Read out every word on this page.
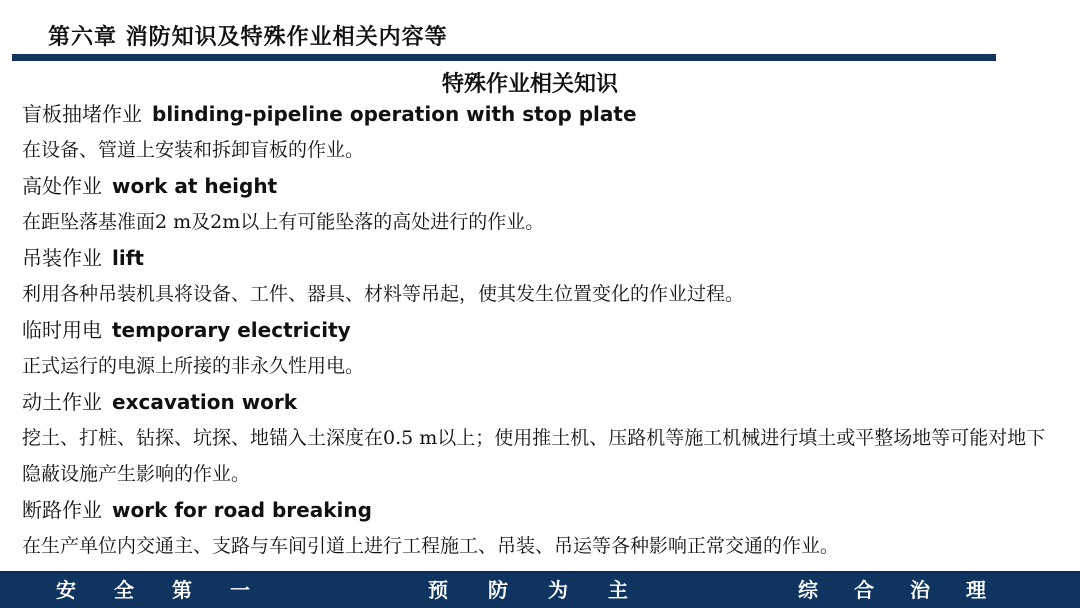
第六章 消防知识及特殊作业相关内容等
特殊作业相关知识
盲板抽堵作业 blinding-pipeline operation with stop plate
在设备、管道上安装和拆卸盲板的作业。
高处作业 work at height
在距坠落基准面2 m及2m以上有可能坠落的高处进行的作业。
吊装作业 lift
利用各种吊装机具将设备、工件、器具、材料等吊起，使其发生位置变化的作业过程。
临时用电 temporary electricity
正式运行的电源上所接的非永久性用电。
动土作业 excavation work
挖土、打桩、钻探、坑探、地锚入土深度在0.5 m以上；使用推土机、压路机等施工机械进行填土或平整场地等可能对地下隐蔽设施产生影响的作业。
断路作业 work for road breaking
在生产单位内交通主、支路与车间引道上进行工程施工、吊装、吊运等各种影响正常交通的作业。
安全第一	预防为主	综合治理
